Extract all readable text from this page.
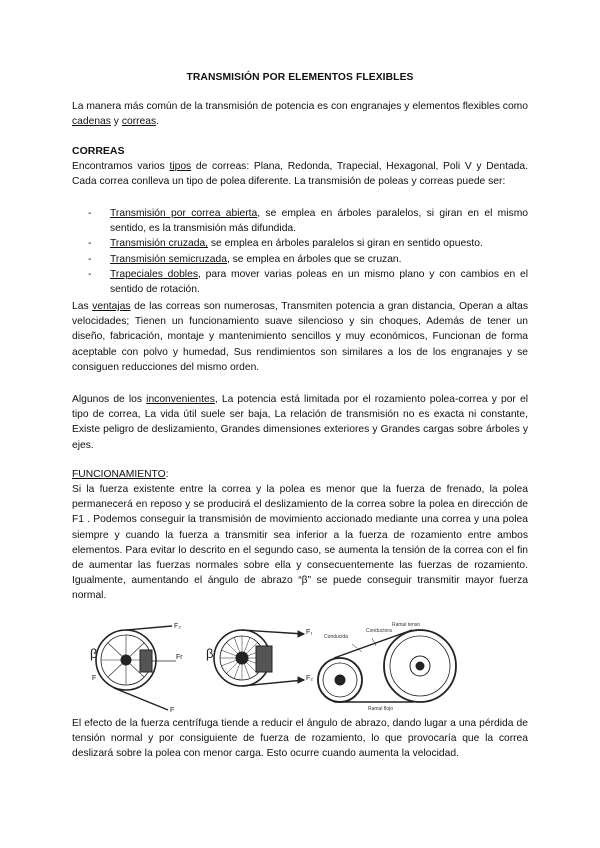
TRANSMISIÓN POR ELEMENTOS FLEXIBLES
La manera más común de la transmisión de potencia es con engranajes y elementos flexibles como cadenas y correas.
CORREAS
Encontramos varios tipos de correas: Plana, Redonda, Trapecial, Hexagonal, Poli V y Dentada. Cada correa conlleva un tipo de polea diferente. La transmisión de poleas y correas puede ser:
- Transmisión por correa abierta, se emplea en árboles paralelos, si giran en el mismo sentido, es la transmisión más difundida.
- Transmisión cruzada, se emplea en árboles paralelos si giran en sentido opuesto.
- Transmisión semicruzada, se emplea en árboles que se cruzan.
- Trapeciales dobles, para mover varias poleas en un mismo plano y con cambios en el sentido de rotación.
Las ventajas de las correas son numerosas, Transmiten potencia a gran distancia, Operan a altas velocidades; Tienen un funcionamiento suave silencioso y sin choques, Además de tener un diseño, fabricación, montaje y mantenimiento sencillos y muy económicos, Funcionan de forma aceptable con polvo y humedad, Sus rendimientos son similares a los de los engranajes y se consiguen reducciones del mismo orden.
Algunos de los inconvenientes, La potencia está limitada por el rozamiento polea-correa y por el tipo de correa, La vida útil suele ser baja, La relación de transmisión no es exacta ni constante, Existe peligro de deslizamiento, Grandes dimensiones exteriores y Grandes cargas sobre árboles y ejes.
FUNCIONAMIENTO:
Si la fuerza existente entre la correa y la polea es menor que la fuerza de frenado, la polea permanecerá en reposo y se producirá el deslizamiento de la correa sobre la polea en dirección de F1 . Podemos conseguir la transmisión de movimiento accionado mediante una correa y una polea siempre y cuando la fuerza a transmitir sea inferior a la fuerza de rozamiento entre ambos elementos. Para evitar lo descrito en el segundo caso, se aumenta la tensión de la correa con el fin de aumentar las fuerzas normales sobre ella y consecuentemente las fuerzas de rozamiento. Igualmente, aumentando el ángulo de abrazo “β” se puede conseguir transmitir mayor fuerza normal.
β
F₂
F
Fr
F
β
F₁
F₂
Conducida
Conductora
Ramal tenso
Ramal flojo
El efecto de la fuerza centrífuga tiende a reducir el ángulo de abrazo, dando lugar a una pérdida de tensión normal y por consiguiente de fuerza de rozamiento, lo que provocaría que la correa deslizará sobre la polea con menor carga. Esto ocurre cuando aumenta la velocidad.
